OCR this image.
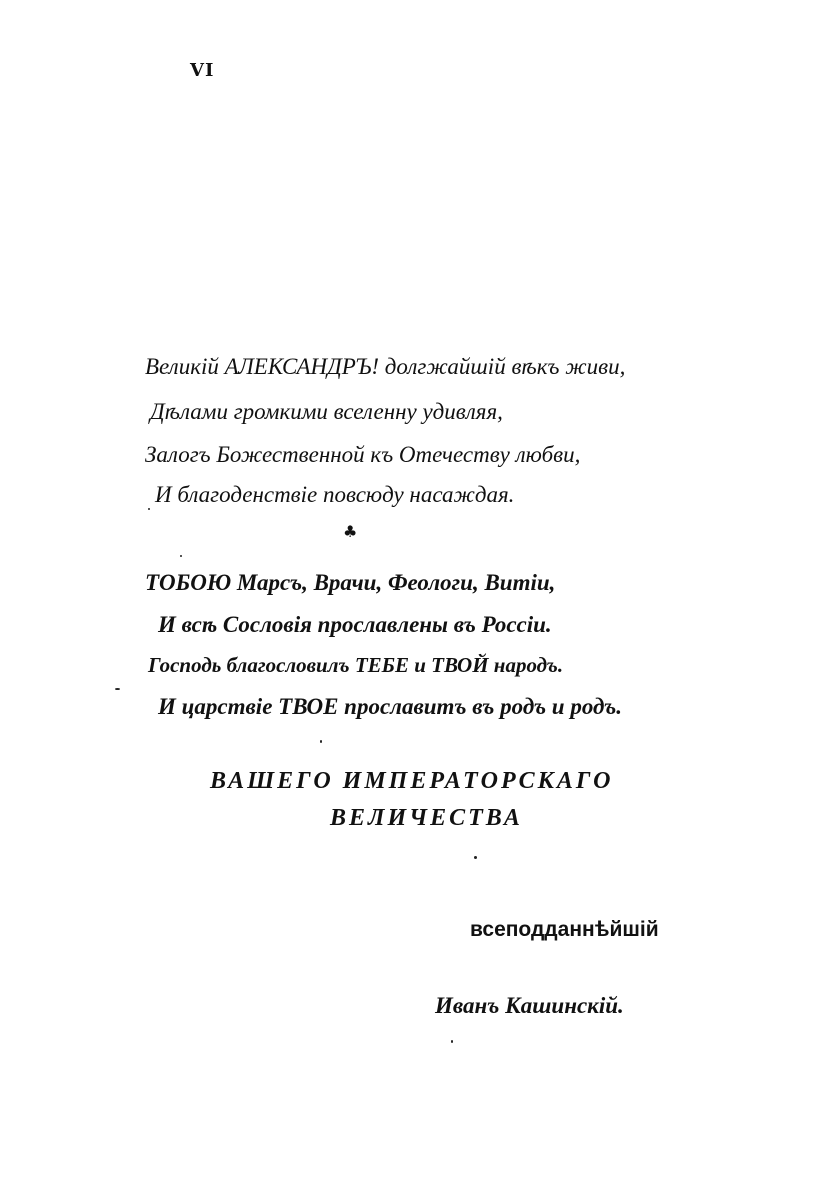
VI
Великій АЛЕКСАНДРЪ! долгжайшій вѣкъ живи,
Дѣлами громкими вселенну удивляя,
Залогъ Божественной къ Отечеству любви,
И благоденствіе повсюду насаждая.
♣
ТОБОЮ Марсъ, Врачи, Феологи, Витіи,
И всѣ Сословія прославлены въ Россіи.
Господь благословилъ ТЕБЕ и ТВОЙ народъ.
И царствіе ТВОЕ прославитъ въ родъ и родъ.
ВАШЕГО ИМПЕРАТОРСКАГО
ВЕЛИЧЕСТВА
всеподданнѣйшій
Иванъ Кашинскій.
